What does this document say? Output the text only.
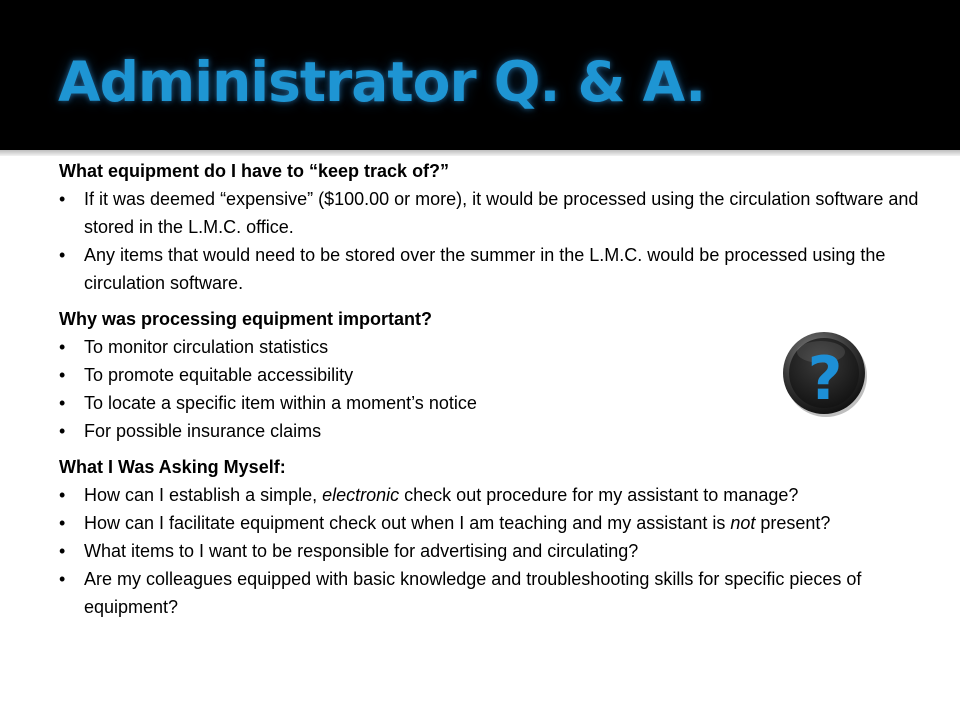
Administrator Q. & A.

What equipment do I have to “keep track of?”

• If it was deemed “expensive” ($100.00 or more), it would be processed using the circulation software and stored in the L.M.C. office.
• Any items that would need to be stored over the summer in the L.M.C. would be processed using the circulation software.

Why was processing equipment important?

• To monitor circulation statistics
• To promote equitable accessibility
• To locate a specific item within a moment’s notice
• For possible insurance claims

What I Was Asking Myself:

• How can I establish a simple, electronic check out procedure for my assistant to manage?
• How can I facilitate equipment check out when I am teaching and my assistant is not present?
• What items to I want to be responsible for advertising and circulating?
• Are my colleagues equipped with basic knowledge and troubleshooting skills for specific pieces of equipment?
?
